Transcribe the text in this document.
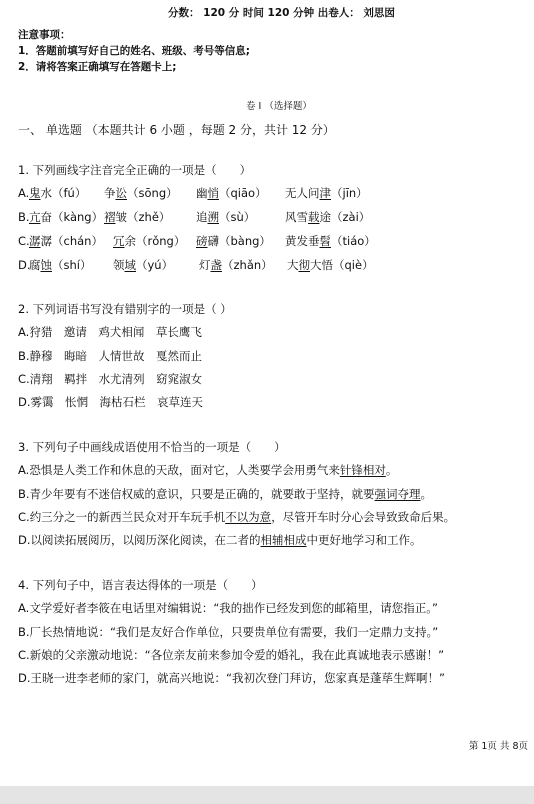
分数： 120 分 时间 120 分钟 出卷人： 刘思囡
注意事项：
1．答题前填写好自己的姓名、班级、考号等信息;
2．请将答案正确填写在答题卡上;
卷 I （选择题）
一、 单选题 （本题共计 6 小题 ，每题 2 分，共计 12 分）
1. 下列画线字注音完全正确的一项是（　　）
A. 鬼水（fú） 争讼（sōng） 幽悄（qiāo） 无人问津（jīn）
B. 亢奋（kàng） 褶皱（zhě） 追溯（sù）	风雪载途（zài）
C. 潺潺（chán） 冗余（rǒng） 磅礴（bàng） 黄发垂髫（tiáo）
D.
腐蚀（shí） 领域（yú） 灯盏（zhǎn） 大彻大悟（qiè）
2. 下列词语书写没有错别字的一项是（ ）
A.狩猎　邀请　鸡犬相闻　草长鹰飞
B.静穆　晦暗　人情世故　戛然而止
C.清翔　羁拌　水尤清列　窈窕淑女
D.雾霭　怅惘　海枯石栏　哀草连天
3. 下列句子中画线成语使用不恰当的一项是（　　）
A.恐惧是人类工作和休息的天敌，面对它，人类要学会用勇气来针锋相对。
B.青少年要有不迷信权威的意识，只要是正确的，就要敢于坚持，就要强词夺理。
C.约三分之一的新西兰民众对开车玩手机不以为意，尽管开车时分心会导致致命后果。
D.以阅读拓展阅历，以阅历深化阅读，在二者的相辅相成中更好地学习和工作。
4. 下列句子中，语言表达得体的一项是（　　）
A.文学爱好者李筱在电话里对编辑说：“我的拙作已经发到您的邮箱里，请您指正。”
B.厂长热情地说：“我们是友好合作单位，只要贵单位有需要，我们一定鼎力支持。”
C.新娘的父亲激动地说：“各位亲友前来参加令爱的婚礼，我在此真诚地表示感谢！”
D.王晓一进李老师的家门，就高兴地说：“我初次登门拜访，您家真是蓬荜生辉啊！”
第 1页 共 8页
